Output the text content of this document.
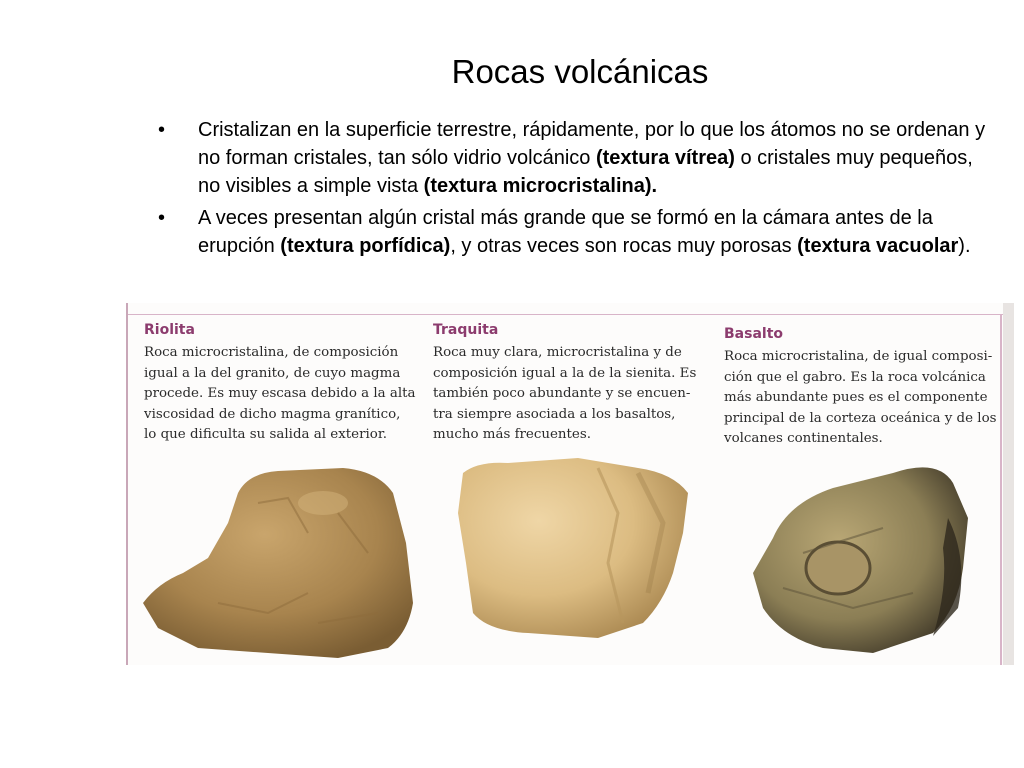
Rocas volcánicas
• Cristalizan en la superficie terrestre, rápidamente, por lo que los átomos no se ordenan y no forman cristales, tan sólo vidrio volcánico (textura vítrea) o cristales muy pequeños, no visibles a simple vista (textura microcristalina).
• A veces presentan algún cristal más grande que se formó en la cámara antes de la erupción (textura porfídica), y otras veces son rocas muy porosas (textura vacuolar).
Riolita
Roca microcristalina, de composición
igual a la del granito, de cuyo magma
procede. Es muy escasa debido a la alta
viscosidad de dicho magma granítico,
lo que dificulta su salida al exterior.
Traquita
Roca muy clara, microcristalina y de
composición igual a la de la sienita. Es
también poco abundante y se encuen-
tra siempre asociada a los basaltos,
mucho más frecuentes.
Basalto
Roca microcristalina, de igual composi-
ción que el gabro. Es la roca volcánica
más abundante pues es el componente
principal de la corteza oceánica y de los
volcanes continentales.
